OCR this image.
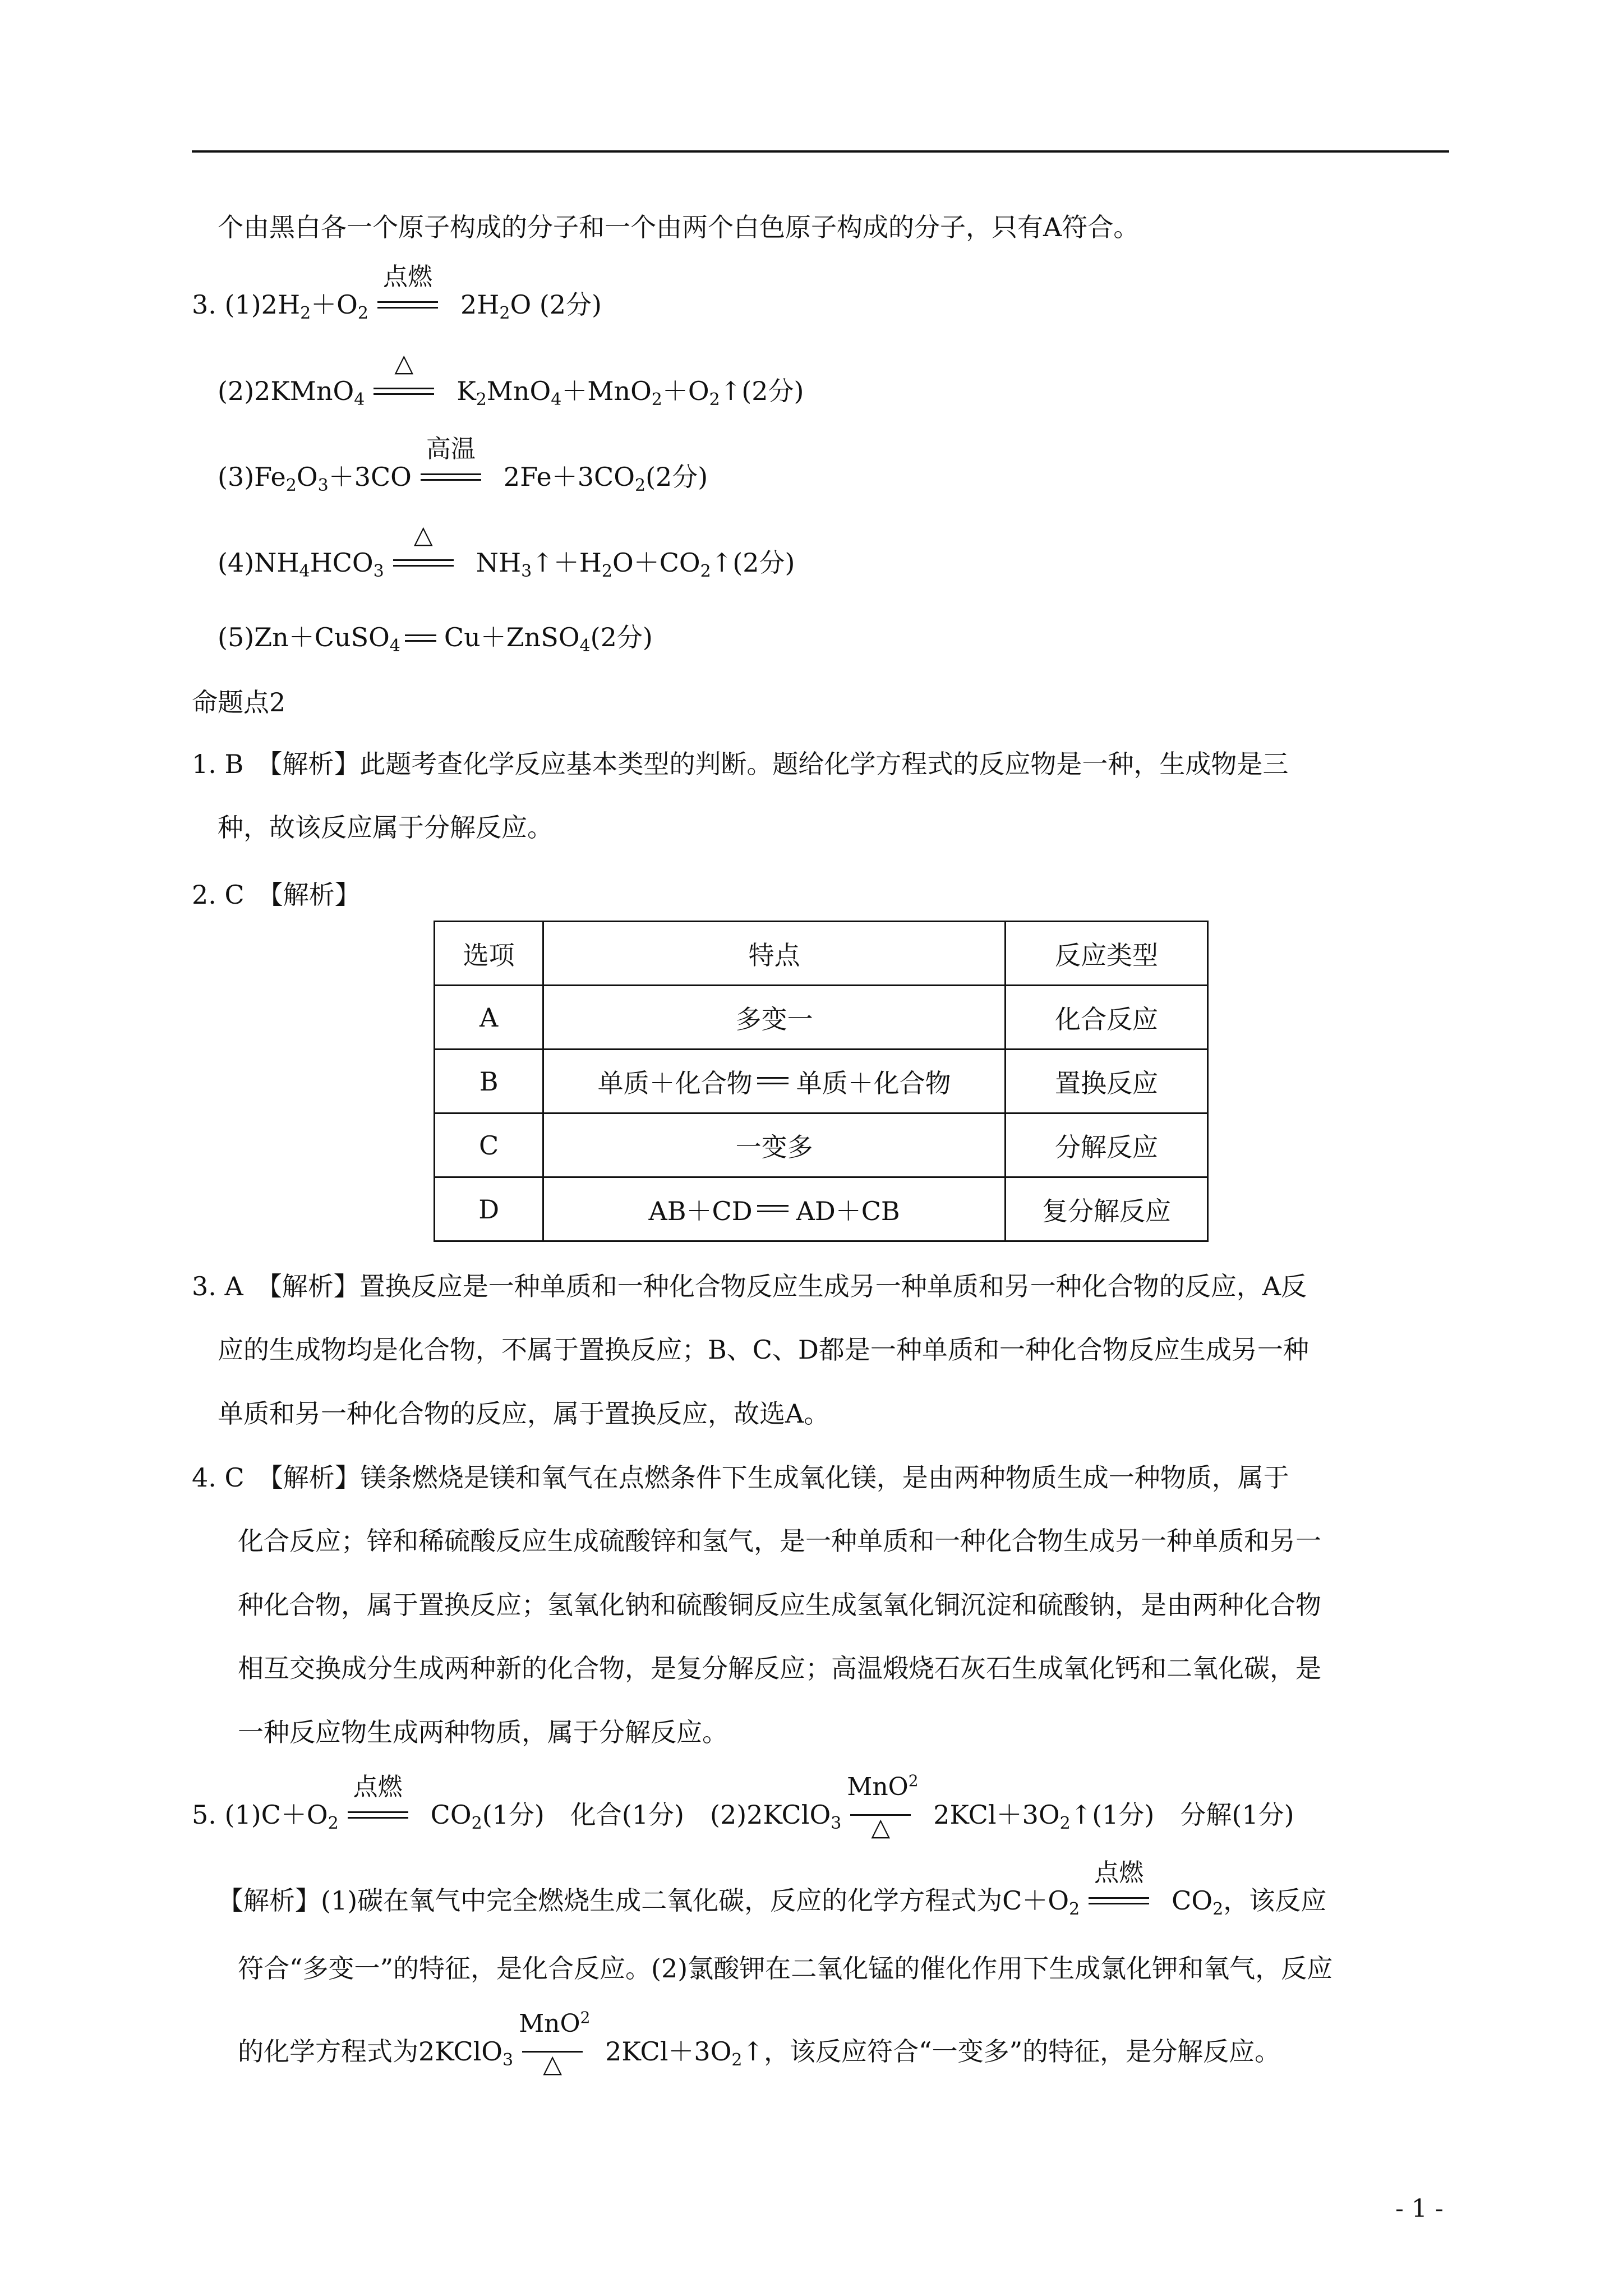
个由黑白各一个原子构成的分子和一个由两个白色原子构成的分子，只有A符合。
3. $(1)2H_2+O_2$
点燃
$2H_2O$ (2分)
(2)2KMnO$_4$
△
$K_2MnO_4+MnO_2+O_2↑(2$分)
$(3)Fe_2O_3+3CO$
高温
$2Fe+3CO_2(2$分)
$(4)NH_4HCO_3$
△
$NH_3↑+H_2O+CO_2↑(2$分)
(5)Zn＋CuSO$_4$ Cu＋ZnSO$_4$(2分)
命题点2
1. B　【解析】此题考查化学反应基本类型的判断。题给化学方程式的反应物是一种，生成物是三
种，故该反应属于分解反应。
2. C　【解析】
选项	特点	反应类型
A	多变一	化合反应
B	单质＋化合物 单质＋化合物	置换反应
C	一变多	分解反应
D	AB＋CD AD＋CB	复分解反应
3. A　【解析】置换反应是一种单质和一种化合物反应生成另一种单质和另一种化合物的反应，A反
应的生成物均是化合物，不属于置换反应；B、C、D都是一种单质和一种化合物反应生成另一种
单质和另一种化合物的反应，属于置换反应，故选A。
4. C　【解析】镁条燃烧是镁和氧气在点燃条件下生成氧化镁，是由两种物质生成一种物质，属于
化合反应；锌和稀硫酸反应生成硫酸锌和氢气，是一种单质和一种化合物生成另一种单质和另一
种化合物，属于置换反应；氢氧化钠和硫酸铜反应生成氢氧化铜沉淀和硫酸钠，是由两种化合物
相互交换成分生成两种新的化合物，是复分解反应；高温煅烧石灰石生成氧化钙和二氧化碳，是
一种反应物生成两种物质，属于分解反应。
5. $(1)C+O_2$
点燃
$CO_2(1$分)　化合(1分)　(2)2KClO$_3$
MnO$^2$
△	$2KCl+3O_2↑(1$分)　分解(1分)
【解析】(1)碳在氧气中完全燃烧生成二氧化碳，反应的化学方程式为$C+O_2$
点燃
$CO_2$，该反应
符合“多变一”的特征，是化合反应。(2)氯酸钾在二氧化锰的催化作用下生成氯化钾和氧气，反应
的化学方程式为2KClO$_3$
MnO$^2$
△	$2KCl+3O_2↑$，该反应符合“一变多”的特征，是分解反应。
- 1 -
